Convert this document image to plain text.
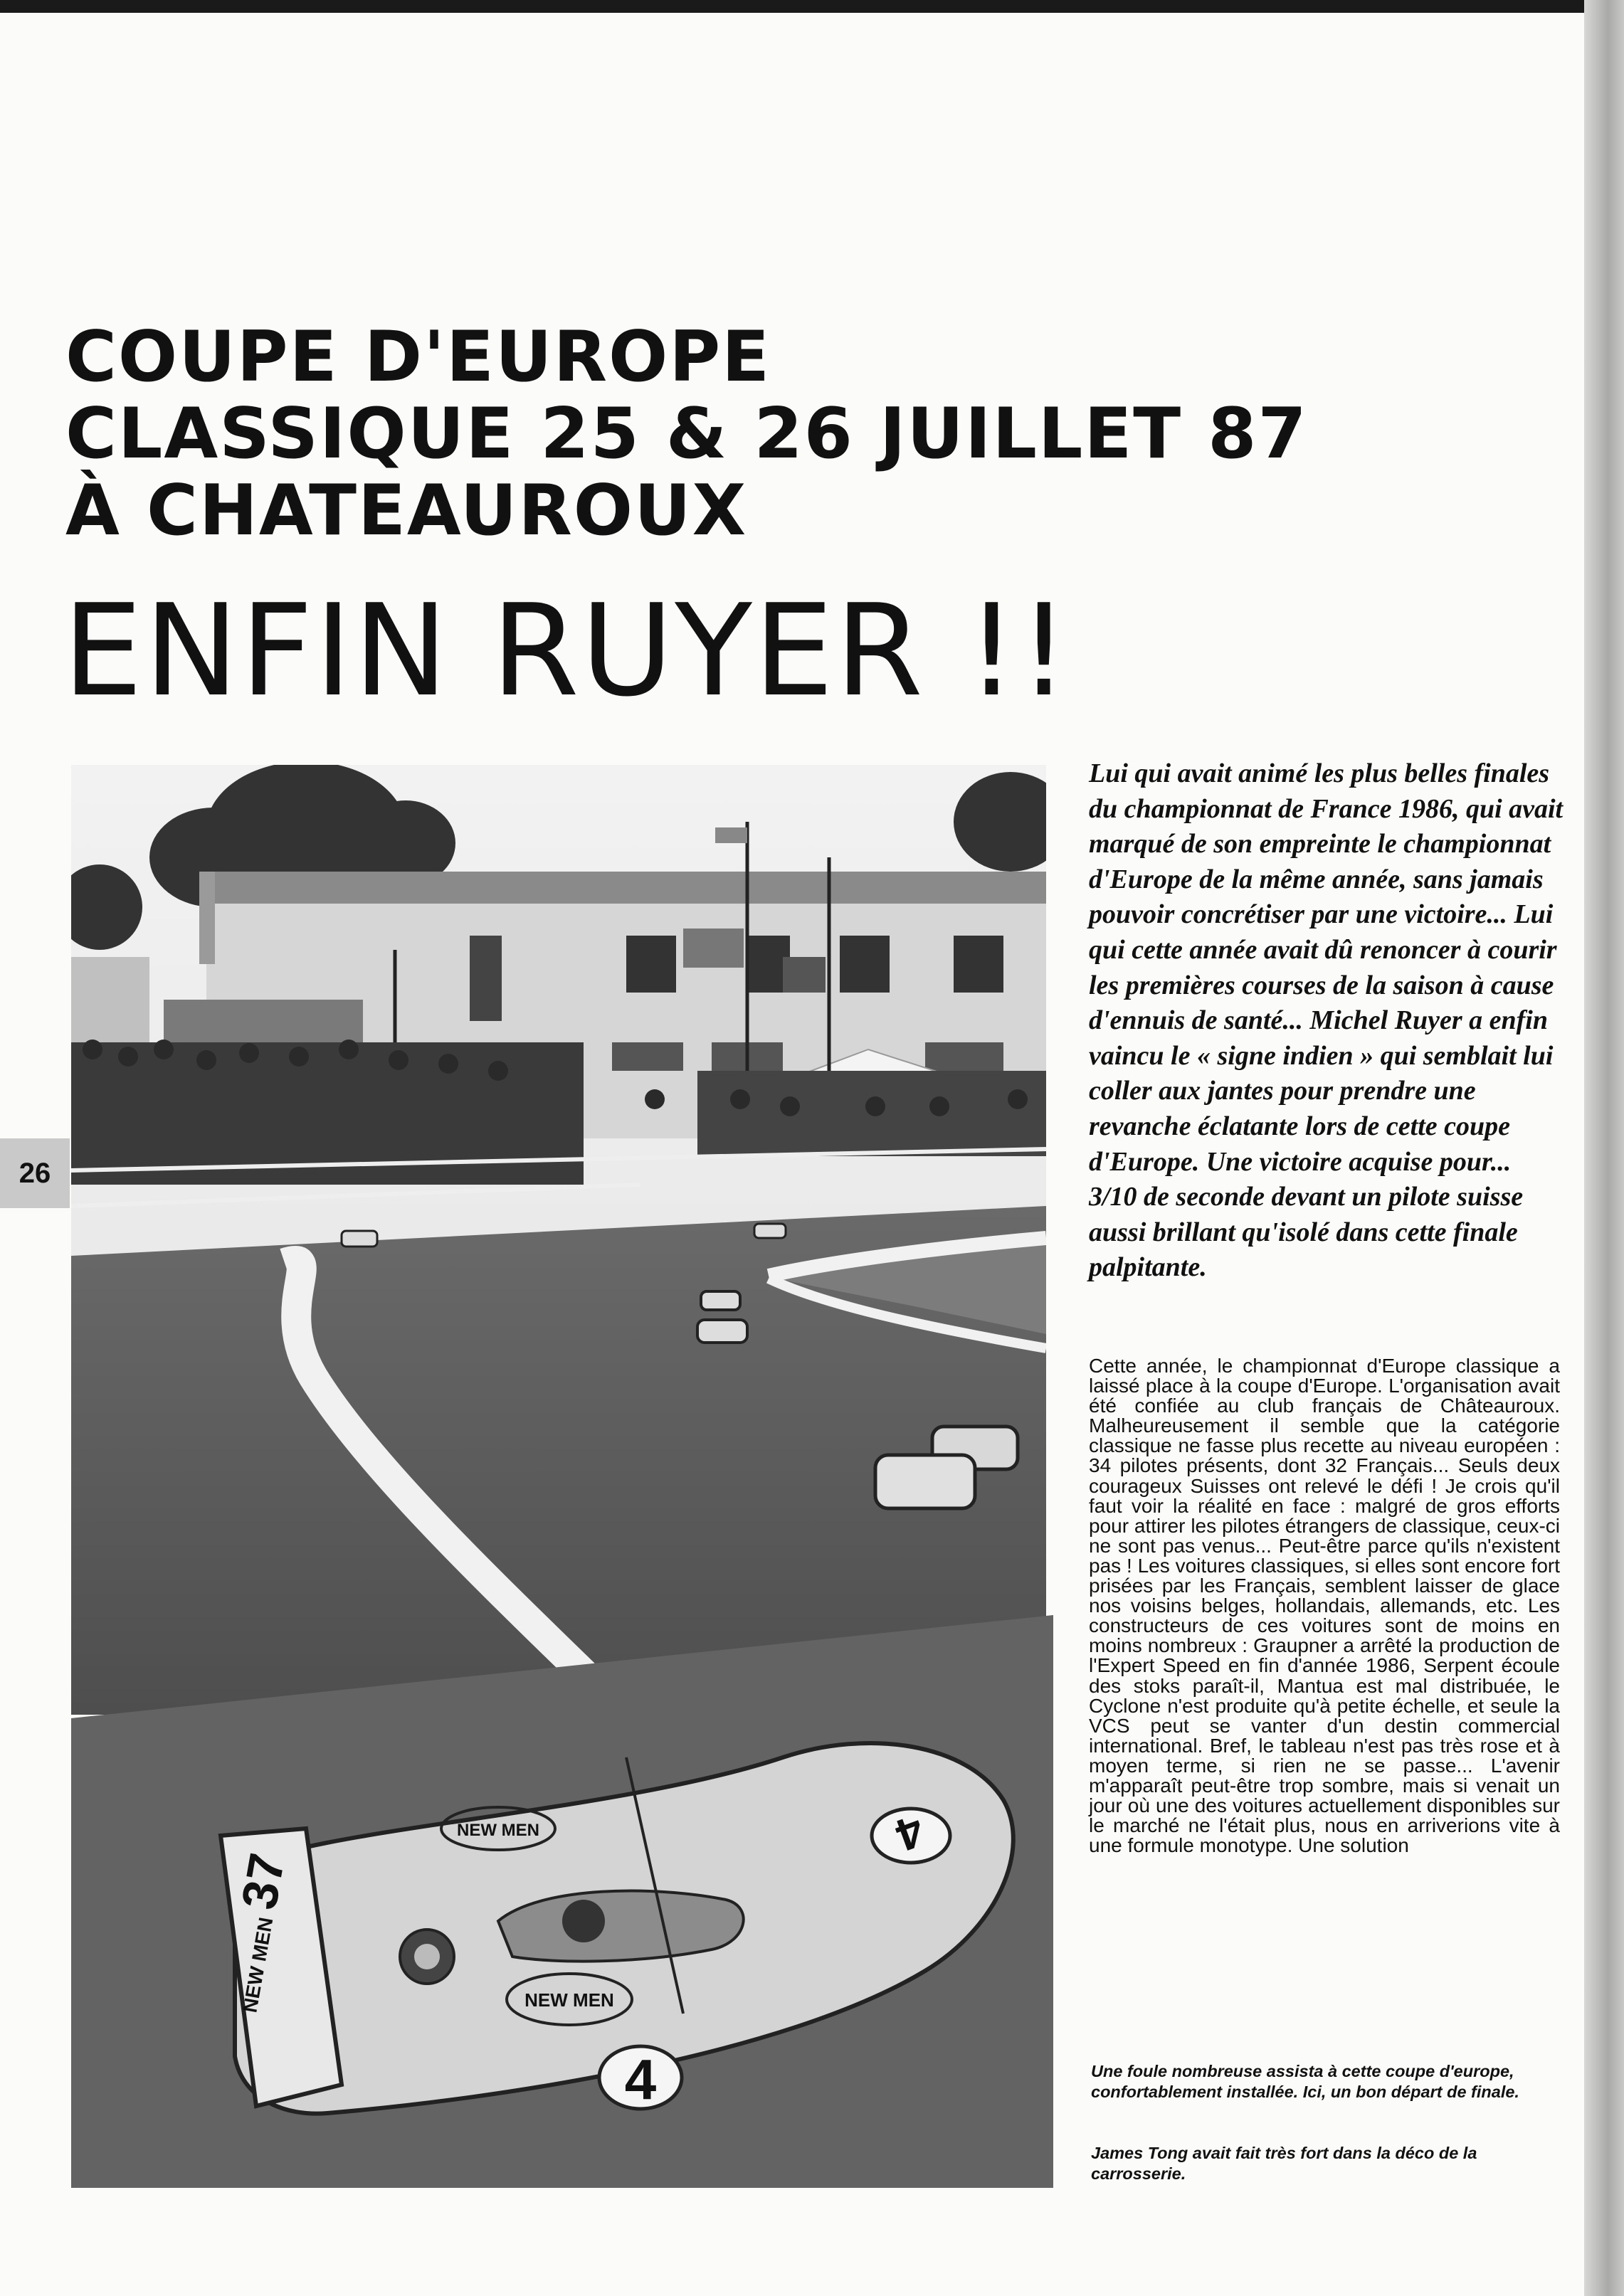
COUPE D'EUROPE
CLASSIQUE 25 & 26 JUILLET 87
À CHATEAUROUX
ENFIN RUYER !!
26
37
NEW MEN
4
4
NEW MEN
NEW MEN

Lui qui avait animé les plus belles finales du championnat de France 1986, qui avait marqué de son empreinte le championnat d'Europe de la même année, sans jamais pouvoir concrétiser par une victoire... Lui qui cette année avait dû renoncer à courir les premières courses de la saison à cause d'ennuis de santé... Michel Ruyer a enfin vaincu le « signe indien » qui semblait lui coller aux jantes pour prendre une revanche éclatante lors de cette coupe d'Europe. Une victoire acquise pour... 3/10 de seconde devant un pilote suisse aussi brillant qu'isolé dans cette finale palpitante.

Cette année, le championnat d'Europe classique a laissé place à la coupe d'Europe. L'organisation avait été confiée au club français de Châteauroux. Malheureusement il semble que la catégorie classique ne fasse plus recette au niveau européen : 34 pilotes présents, dont 32 Français... Seuls deux courageux Suisses ont relevé le défi ! Je crois qu'il faut voir la réalité en face : malgré de gros efforts pour attirer les pilotes étrangers de classique, ceux-ci ne sont pas venus... Peut-être parce qu'ils n'existent pas ! Les voitures classiques, si elles sont encore fort prisées par les Français, semblent laisser de glace nos voisins belges, hollandais, allemands, etc. Les constructeurs de ces voitures sont de moins en moins nombreux : Graupner a arrêté la production de l'Expert Speed en fin d'année 1986, Serpent écoule des stoks paraît-il, Mantua est mal distribuée, le Cyclone n'est produite qu'à petite échelle, et seule la VCS peut se vanter d'un destin commercial international. Bref, le tableau n'est pas très rose et à moyen terme, si rien ne se passe... L'avenir m'apparaît peut-être trop sombre, mais si venait un jour où une des voitures actuellement disponibles sur le marché ne l'était plus, nous en arriverions vite à une formule monotype. Une solution

Une foule nombreuse assista à cette coupe d'europe, confortablement installée. Ici, un bon départ de finale.

James Tong avait fait très fort dans la déco de la carrosserie.
